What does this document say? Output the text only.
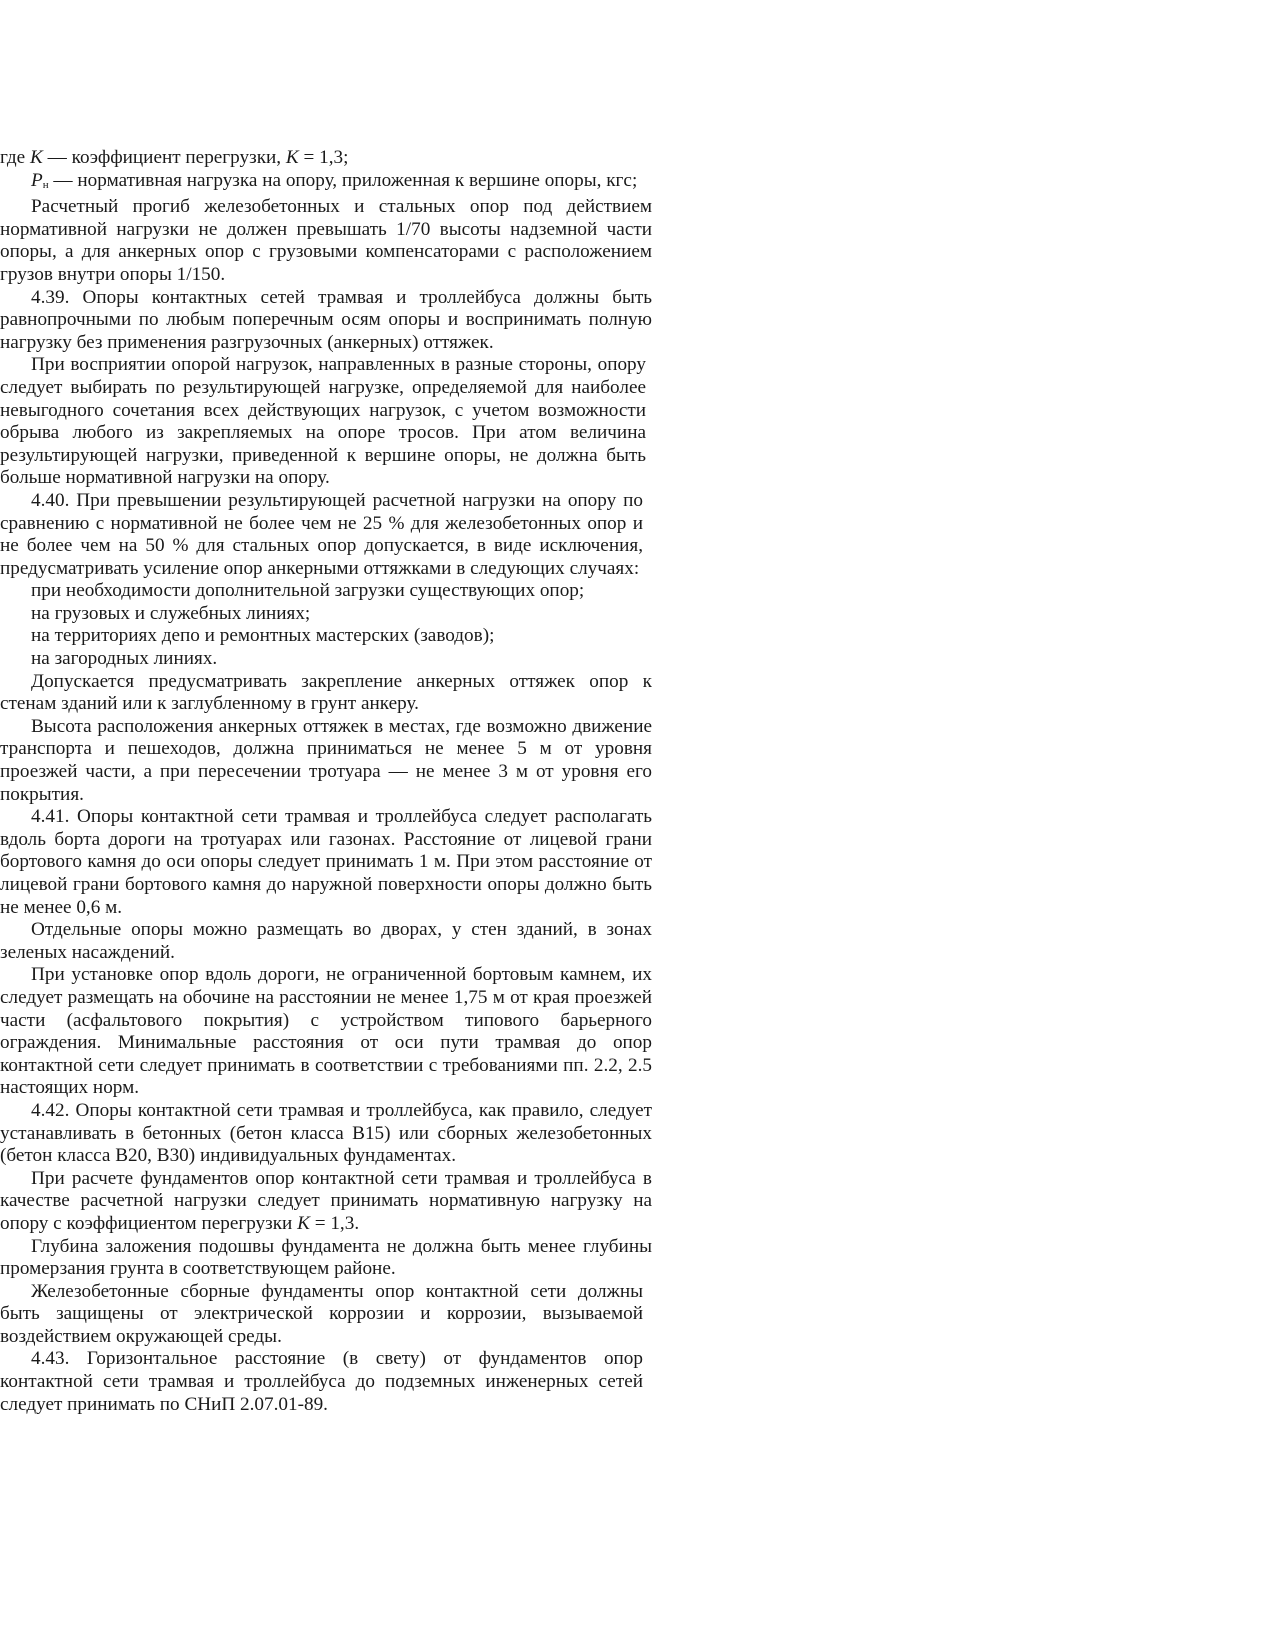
где K — коэффициент перегрузки, K = 1,3;

Pн — нормативная нагрузка на опору, приложенная к вершине опоры, кгс;

Расчетный прогиб железобетонных и стальных опор под действием нормативной нагрузки не должен превышать 1/70 высоты надземной части опоры, а для анкерных опор с грузовыми компенсаторами с расположением грузов внутри опоры 1/150.

4.39. Опоры контактных сетей трамвая и троллейбуса должны быть равнопрочными по любым поперечным осям опоры и воспринимать полную нагрузку без применения разгрузочных (анкерных) оттяжек.

При восприятии опорой нагрузок, направленных в разные стороны, опору следует выбирать по результирующей нагрузке, определяемой для наиболее невыгодного сочетания всех действующих нагрузок, с учетом возможности обрыва любого из закрепляемых на опоре тросов. При атом величина результирующей нагрузки, приведенной к вершине опоры, не должна быть больше нормативной нагрузки на опору.

4.40. При превышении результирующей расчетной нагрузки на опору по сравнению с нормативной не более чем не 25 % для железобетонных опор и не более чем на 50 % для стальных опор допускается, в виде исключения, предусматривать усиление опор анкерными оттяжками в следующих случаях:

при необходимости дополнительной загрузки существующих опор;

на грузовых и служебных линиях;

на территориях депо и ремонтных мастерских (заводов);

на загородных линиях.

Допускается предусматривать закрепление анкерных оттяжек опор к стенам зданий или к заглубленному в грунт анкеру.

Высота расположения анкерных оттяжек в местах, где возможно движение транспорта и пешеходов, должна приниматься не менее 5 м от уровня проезжей части, а при пересечении тротуара — не менее 3 м от уровня его покрытия.

4.41. Опоры контактной сети трамвая и троллейбуса следует располагать вдоль борта дороги на тротуарах или газонах. Расстояние от лицевой грани бортового камня до оси опоры следует принимать 1 м. При этом расстояние от лицевой грани бортового камня до наружной поверхности опоры должно быть не менее 0,6 м.

Отдельные опоры можно размещать во дворах, у стен зданий, в зонах зеленых насаждений.

При установке опор вдоль дороги, не ограниченной бортовым камнем, их следует размещать на обочине на расстоянии не менее 1,75 м от края проезжей части (асфальтового покрытия) с устройством типового барьерного ограждения. Минимальные расстояния от оси пути трамвая до опор контактной сети следует принимать в соответствии с требованиями пп. 2.2, 2.5 настоящих норм.

4.42. Опоры контактной сети трамвая и троллейбуса, как правило, следует устанавливать в бетонных (бетон класса В15) или сборных железобетонных (бетон класса В20, В30) индивидуальных фундаментах.

При расчете фундаментов опор контактной сети трамвая и троллейбуса в качестве расчетной нагрузки следует принимать нормативную нагрузку на опору с коэффициентом перегрузки K = 1,3.

Глубина заложения подошвы фундамента не должна быть менее глубины промерзания грунта в соответствующем районе.

Железобетонные сборные фундаменты опор контактной сети должны быть защищены от электрической коррозии и коррозии, вызываемой воздействием окружающей среды.

4.43. Горизонтальное расстояние (в свету) от фундаментов опор контактной сети трамвая и троллейбуса до подземных инженерных сетей следует принимать по СНиП 2.07.01-89.
